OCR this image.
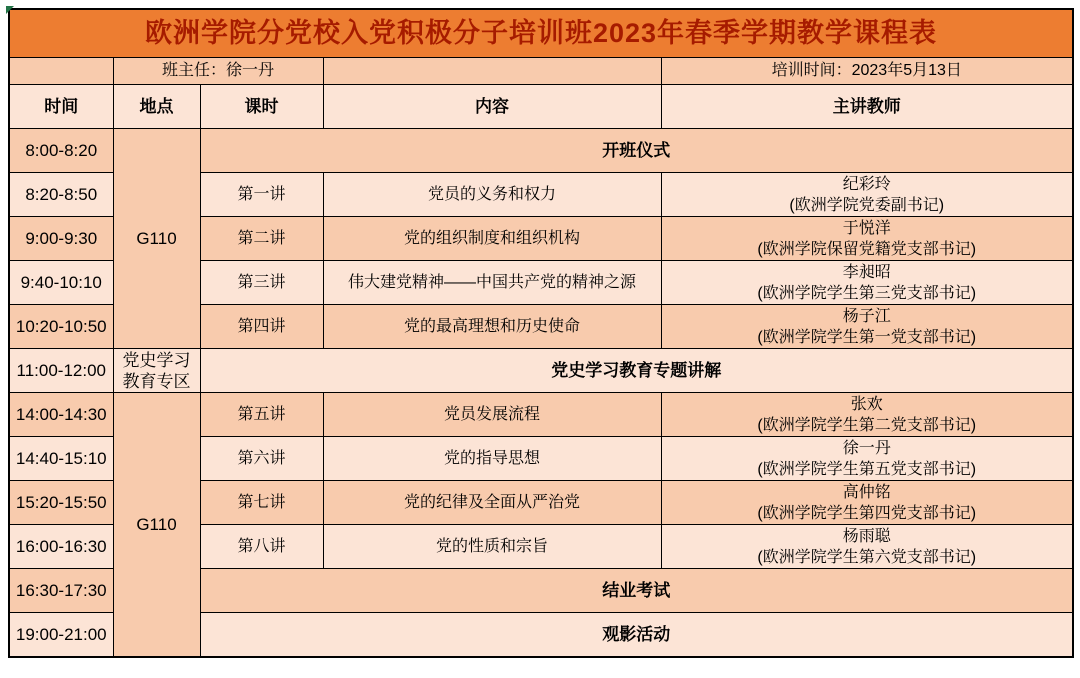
欧洲学院分党校入党积极分子培训班2023年春季学期教学课程表				
	班主任：徐一丹			培训时间：2023年5月13日
时间	地点	课时	内容	主讲教师
8:00-8:20	G110	开班仪式		
8:20-8:50		第一讲	党员的义务和权力	纪彩玲
(欧洲学院党委副书记)

9:00-9:30		第二讲	党的组织制度和组织机构	于悦洋
(欧洲学院保留党籍党支部书记)

9:40-10:10		第三讲	伟大建党精神——中国共产党的精神之源	李昶昭
(欧洲学院学生第三党支部书记)

10:20-10:50		第四讲	党的最高理想和历史使命	杨子江
(欧洲学院学生第一党支部书记)

11:00-12:00	党史学习
教育专区	党史学习教育专题讲解		
14:00-14:30	G110	第五讲	党员发展流程	张欢
(欧洲学院学生第二党支部书记)

14:40-15:10		第六讲	党的指导思想	徐一丹
(欧洲学院学生第五党支部书记)

15:20-15:50		第七讲	党的纪律及全面从严治党	高仲铭
(欧洲学院学生第四党支部书记)

16:00-16:30		第八讲	党的性质和宗旨	杨雨聪
(欧洲学院学生第六党支部书记)

16:30-17:30		结业考试		
19:00-21:00		观影活动		
